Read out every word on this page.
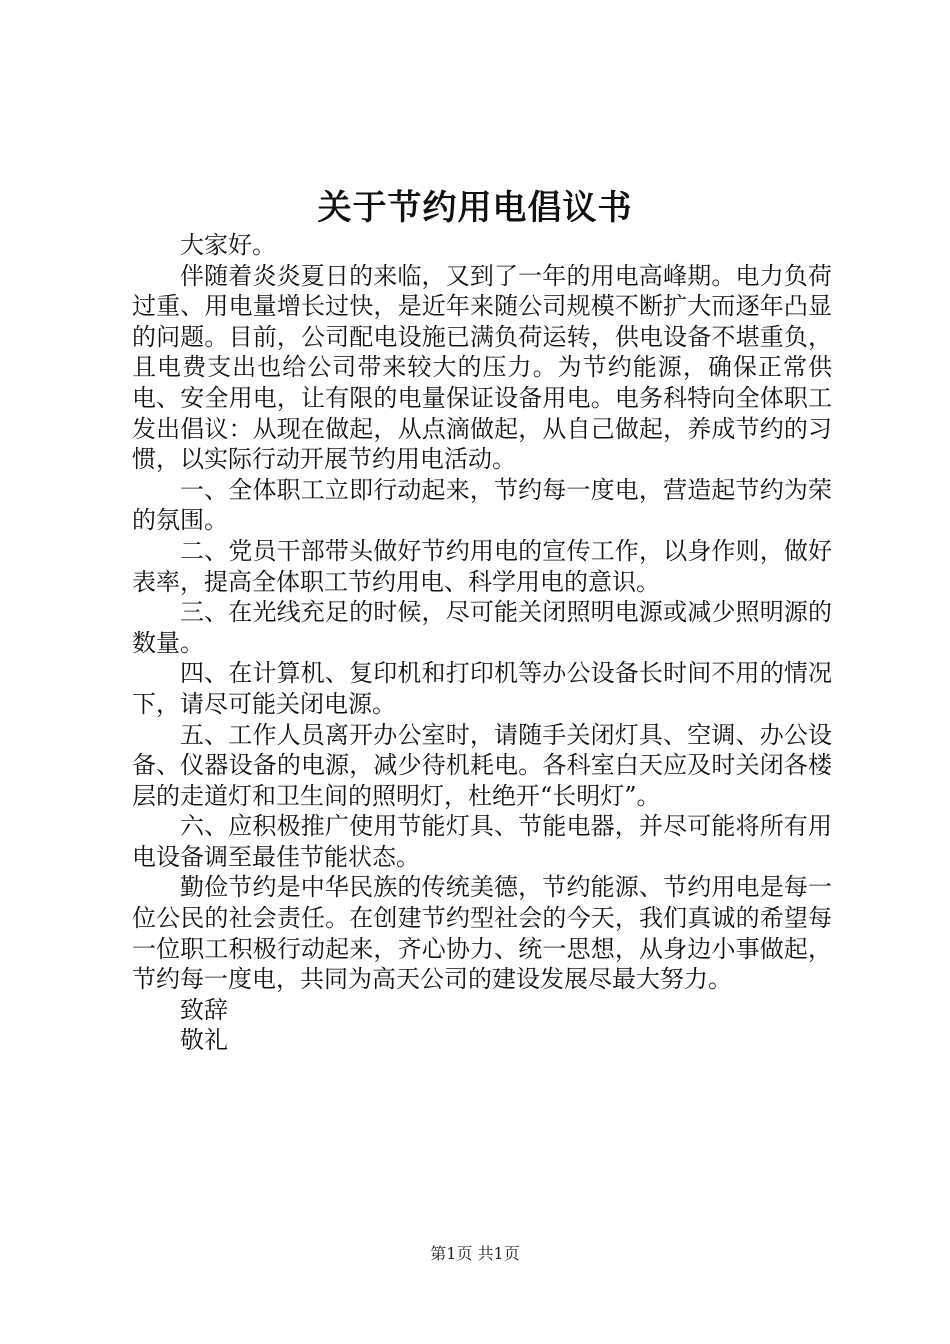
关于节约用电倡议书

大家好。

伴随着炎炎夏日的来临，又到了一年的用电高峰期。电力负荷过重、用电量增长过快，是近年来随公司规模不断扩大而逐年凸显的问题。目前，公司配电设施已满负荷运转，供电设备不堪重负，且电费支出也给公司带来较大的压力。为节约能源，确保正常供电、安全用电，让有限的电量保证设备用电。电务科特向全体职工发出倡议：从现在做起，从点滴做起，从自己做起，养成节约的习惯，以实际行动开展节约用电活动。

一、全体职工立即行动起来，节约每一度电，营造起节约为荣的氛围。

二、党员干部带头做好节约用电的宣传工作，以身作则，做好表率，提高全体职工节约用电、科学用电的意识。

三、在光线充足的时候，尽可能关闭照明电源或减少照明源的数量。

四、在计算机、复印机和打印机等办公设备长时间不用的情况下，请尽可能关闭电源。

五、工作人员离开办公室时，请随手关闭灯具、空调、办公设备、仪器设备的电源，减少待机耗电。各科室白天应及时关闭各楼层的走道灯和卫生间的照明灯，杜绝开“长明灯”。

六、应积极推广使用节能灯具、节能电器，并尽可能将所有用电设备调至最佳节能状态。

勤俭节约是中华民族的传统美德，节约能源、节约用电是每一位公民的社会责任。在创建节约型社会的今天，我们真诚的希望每一位职工积极行动起来，齐心协力、统一思想，从身边小事做起，节约每一度电，共同为高天公司的建设发展尽最大努力。

致辞

敬礼

第1页 共1页
